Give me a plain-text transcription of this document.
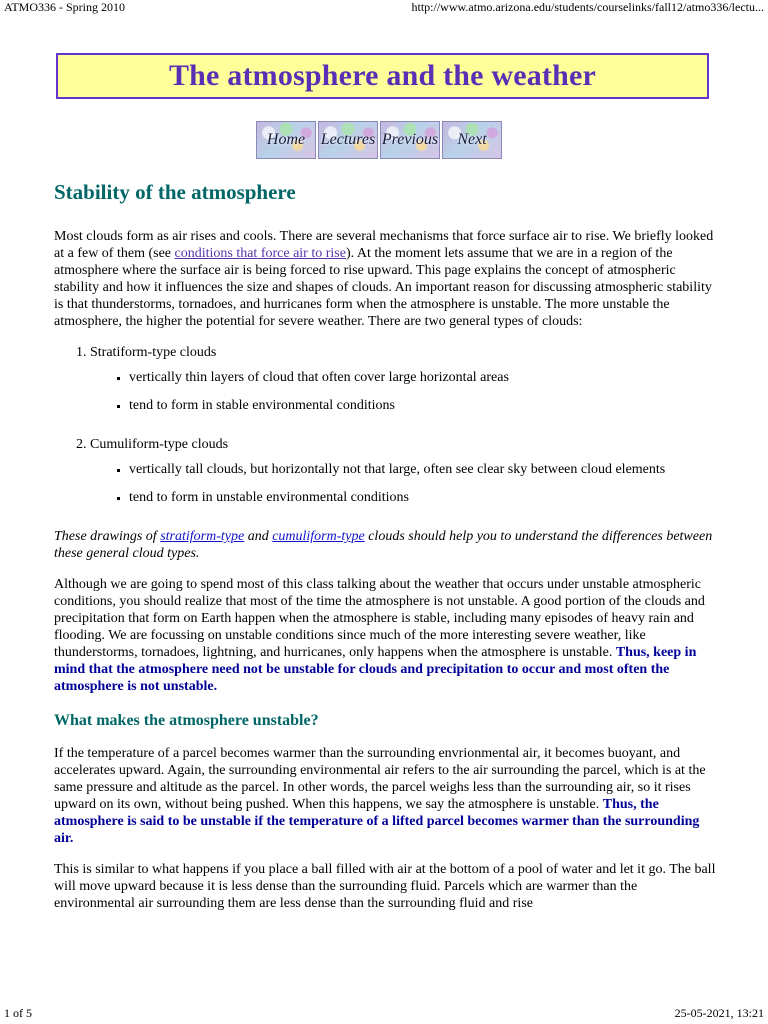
ATMO336 - Spring 2010	http://www.atmo.arizona.edu/students/courselinks/fall12/atmo336/lectu...
The atmosphere and the weather
Home Lectures Previous Next
Stability of the atmosphere

Most clouds form as air rises and cools. There are several mechanisms that force surface air to rise. We briefly looked at a few of them (see conditions that force air to rise). At the moment lets assume that we are in a region of the atmosphere where the surface air is being forced to rise upward. This page explains the concept of atmospheric stability and how it influences the size and shapes of clouds. An important reason for discussing atmospheric stability is that thunderstorms, tornadoes, and hurricanes form when the atmosphere is unstable. The more unstable the atmosphere, the higher the potential for severe weather. There are two general types of clouds:

1. Stratiform-type clouds
▪ vertically thin layers of cloud that often cover large horizontal areas
▪ tend to form in stable environmental conditions
2. Cumuliform-type clouds
▪ vertically tall clouds, but horizontally not that large, often see clear sky between cloud elements
▪ tend to form in unstable environmental conditions

These drawings of stratiform-type and cumuliform-type clouds should help you to understand the differences between these general cloud types.

Although we are going to spend most of this class talking about the weather that occurs under unstable atmospheric conditions, you should realize that most of the time the atmosphere is not unstable. A good portion of the clouds and precipitation that form on Earth happen when the atmosphere is stable, including many episodes of heavy rain and flooding. We are focussing on unstable conditions since much of the more interesting severe weather, like thunderstorms, tornadoes, lightning, and hurricanes, only happens when the atmosphere is unstable. Thus, keep in mind that the atmosphere need not be unstable for clouds and precipitation to occur and most often the atmosphere is not unstable.

What makes the atmosphere unstable?

If the temperature of a parcel becomes warmer than the surrounding envrionmental air, it becomes buoyant, and accelerates upward. Again, the surrounding environmental air refers to the air surrounding the parcel, which is at the same pressure and altitude as the parcel. In other words, the parcel weighs less than the surrounding air, so it rises upward on its own, without being pushed. When this happens, we say the atmosphere is unstable. Thus, the atmosphere is said to be unstable if the temperature of a lifted parcel becomes warmer than the surrounding air.

This is similar to what happens if you place a ball filled with air at the bottom of a pool of water and let it go. The ball will move upward because it is less dense than the surrounding fluid. Parcels which are warmer than the environmental air surrounding them are less dense than the surrounding fluid and rise

1 of 5	25-05-2021, 13:21
